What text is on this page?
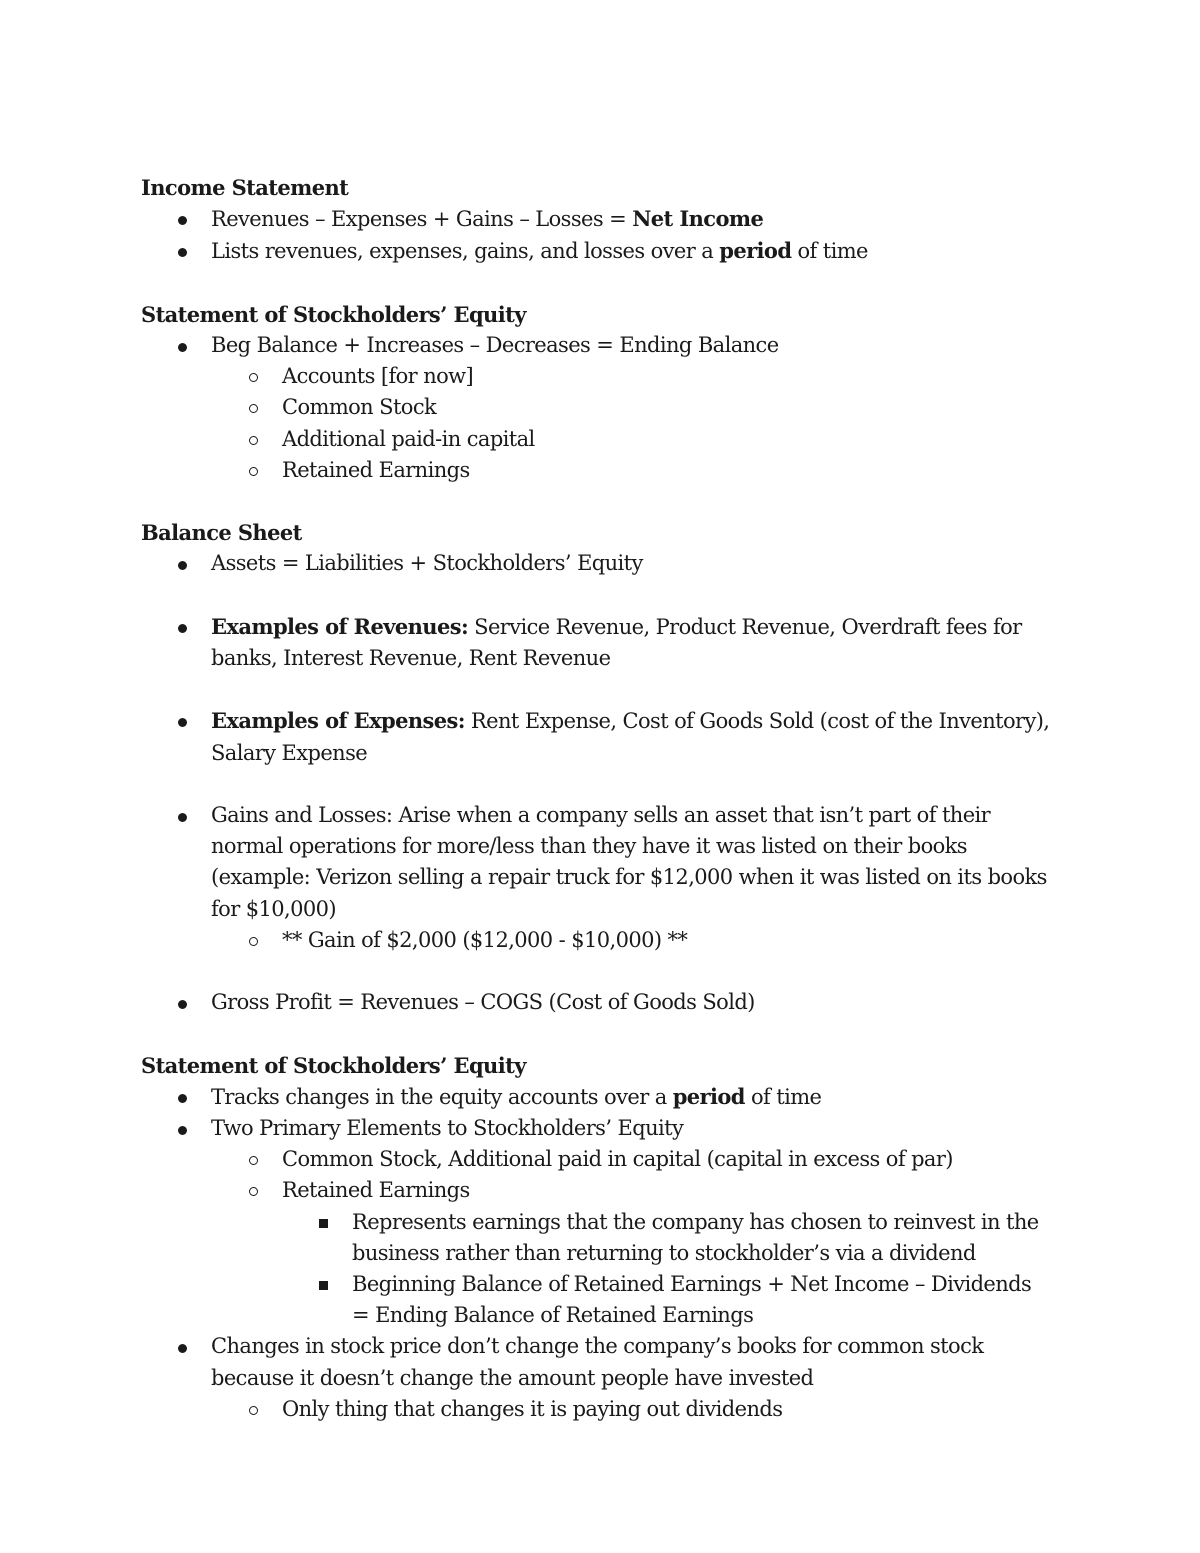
Income Statement

Revenues – Expenses + Gains – Losses = Net Income

Lists revenues, expenses, gains, and losses over a period of time

Statement of Stockholders’ Equity

Beg Balance + Increases – Decreases = Ending Balance

Accounts [for now]

Common Stock

Additional paid-in capital

Retained Earnings

Balance Sheet

Assets = Liabilities + Stockholders’ Equity

Examples of Revenues: Service Revenue, Product Revenue, Overdraft fees for banks, Interest Revenue, Rent Revenue

Examples of Expenses: Rent Expense, Cost of Goods Sold (cost of the Inventory), Salary Expense

Gains and Losses: Arise when a company sells an asset that isn’t part of their normal operations for more/less than they have it was listed on their books (example: Verizon selling a repair truck for $12,000 when it was listed on its books for $10,000)

** Gain of $2,000 ($12,000 - $10,000) **

Gross Profit = Revenues – COGS (Cost of Goods Sold)

Statement of Stockholders’ Equity

Tracks changes in the equity accounts over a period of time

Two Primary Elements to Stockholders’ Equity

Common Stock, Additional paid in capital (capital in excess of par)

Retained Earnings

Represents earnings that the company has chosen to reinvest in the business rather than returning to stockholder’s via a dividend

Beginning Balance of Retained Earnings + Net Income – Dividends = Ending Balance of Retained Earnings

Changes in stock price don’t change the company’s books for common stock because it doesn’t change the amount people have invested

Only thing that changes it is paying out dividends
